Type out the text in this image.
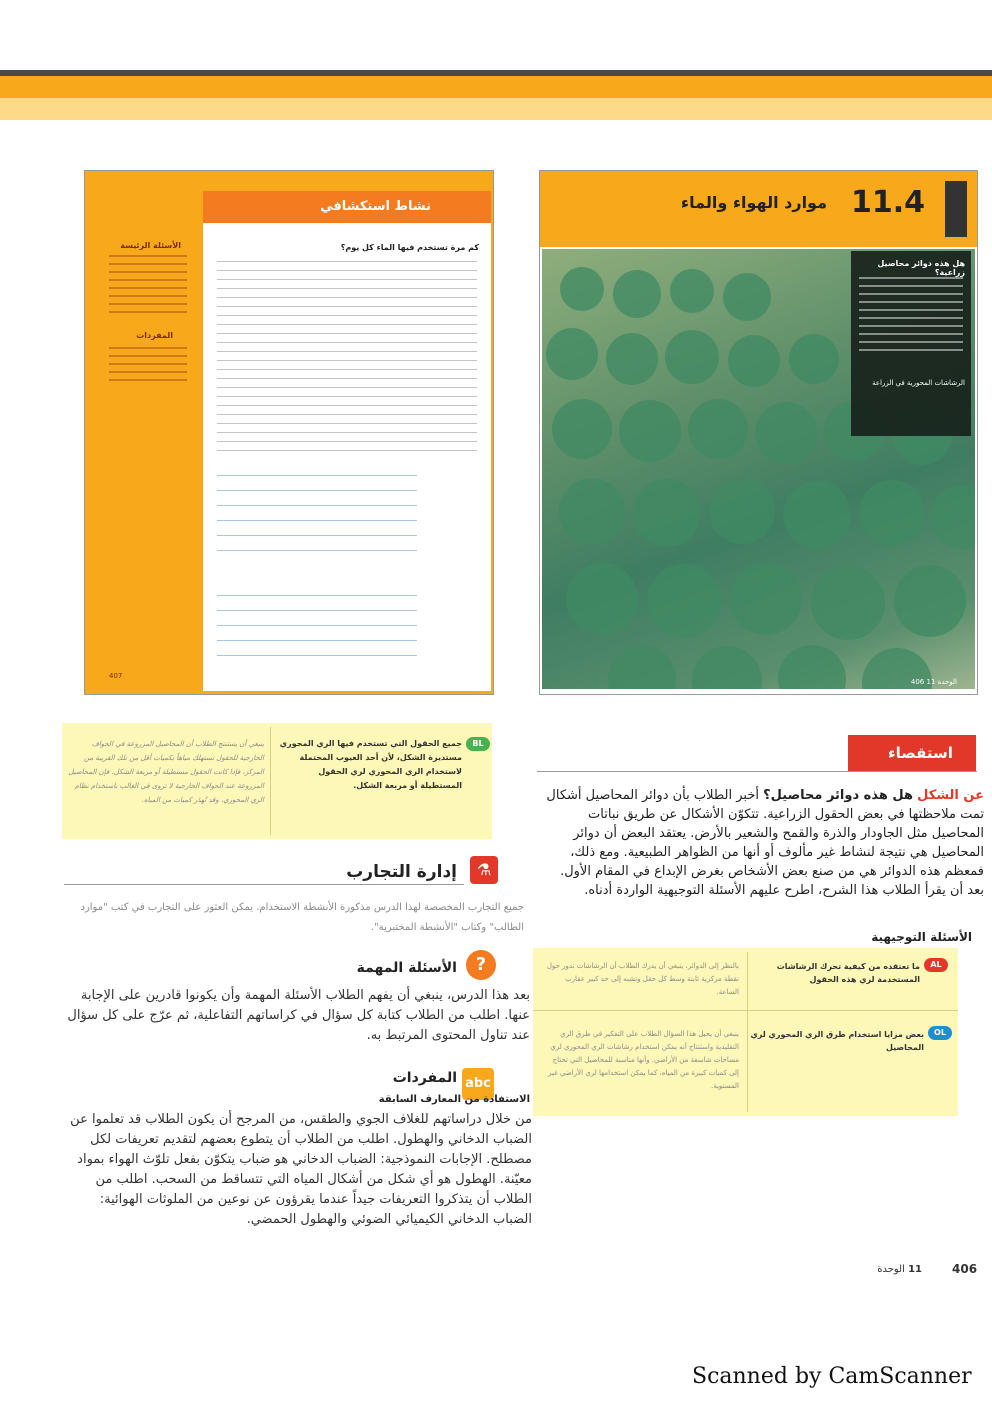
11.4
موارد الهواء والماء
هل هذه دوائر محاصيل زراعية؟
الرشاشات المحورية في الزراعة
406 الوحدة 11
الأسئلة الرئيسة
المفردات
407
نشاط استكشافي
كم مرة تستخدم فيها الماء كل يوم؟
استقصاء
عن الشكل هل هذه دوائر محاصيل؟ أخبر الطلاب بأن دوائر المحاصيل أشكال تمت ملاحظتها في بعض الحقول الزراعية. تتكوّن الأشكال عن طريق نباتات المحاصيل مثل الجاودار والذرة والقمح والشعير بالأرض. يعتقد البعض أن دوائر المحاصيل هي نتيجة لنشاط غير مألوف أو أنها من الظواهر الطبيعية. ومع ذلك، فمعظم هذه الدوائر هي من صنع بعض الأشخاص بغرض الإبداع في المقام الأول. بعد أن يقرأ الطلاب هذا الشرح، اطرح عليهم الأسئلة التوجيهية الواردة أدناه.
الأسئلة التوجيهية
AL
ما تعتقده من كيفية تحرك الرشاشات المستخدمة لري هذه الحقول
بالنظر إلى الدوائر، ينبغي أن يدرك الطلاب أن الرشاشات تدور حول نقطة مركزية ثابتة وسط كل حقل وتشبه إلى حد كبير عقارب الساعة.
OL
بعض مزايا استخدام طرق الري المحوري لري المحاصيل
ينبغي أن يحيل هذا السؤال الطلاب على التفكير في طرق الري التقليدية واستنتاج أنه يمكن استخدام رشاشات الري المحوري لري مساحات شاسعة من الأراضي. وأنها مناسبة للمحاصيل التي تحتاج إلى كميات كبيرة من المياه، كما يمكن استخدامها لري الأراضي غير المستوية.
BL
جميع الحقول التي تستخدم فيها الري المحوري مستديرة الشكل، لأن أحد العيوب المحتملة لاستخدام الري المحوري لري الحقول المستطيلة أو مربعة الشكل.
ينبغي أن يستنتج الطلاب أن المحاصيل المزروعة في الحواف الخارجية للحقول تستهلك مياهاً بكميات أقل من تلك القريبة من المركز، فإذا كانت الحقول مستطيلة أو مربعة الشكل، فإن المحاصيل المزروعة عند الحواف الخارجية لا تروى في الغالب باستخدام نظام الري المحوري، وقد تُهدَر كميات من المياه.
⚗
إدارة التجارب
جميع التجارب المخصصة لهذا الدرس مذكورة الأنشطة الاستخدام. يمكن العثور على التجارب في كتب "موارد الطالب" وكتاب "الأنشطة المختبرية".
?
الأسئلة المهمة
بعد هذا الدرس، ينبغي أن يفهم الطلاب الأسئلة المهمة وأن يكونوا قادرين على الإجابة عنها. اطلب من الطلاب كتابة كل سؤال في كراساتهم التفاعلية، ثم عرّج على كل سؤال عند تناول المحتوى المرتبط به.
abc
المفردات
الاستفادة من المعارف السابقة
من خلال دراساتهم للغلاف الجوي والطقس، من المرجح أن يكون الطلاب قد تعلموا عن الضباب الدخاني والهطول. اطلب من الطلاب أن يتطوع بعضهم لتقديم تعريفات لكل مصطلح. الإجابات النموذجية: الضباب الدخاني هو ضباب يتكوّن بفعل تلوّث الهواء بمواد معيّنة. الهطول هو أي شكل من أشكال المياه التي تتساقط من السحب. اطلب من الطلاب أن يتذكروا التعريفات جيداً عندما يقرؤون عن نوعين من الملوثات الهوائية: الضباب الدخاني الكيميائي الضوئي والهطول الحمضي.
406
11 الوحدة
Scanned by CamScanner
